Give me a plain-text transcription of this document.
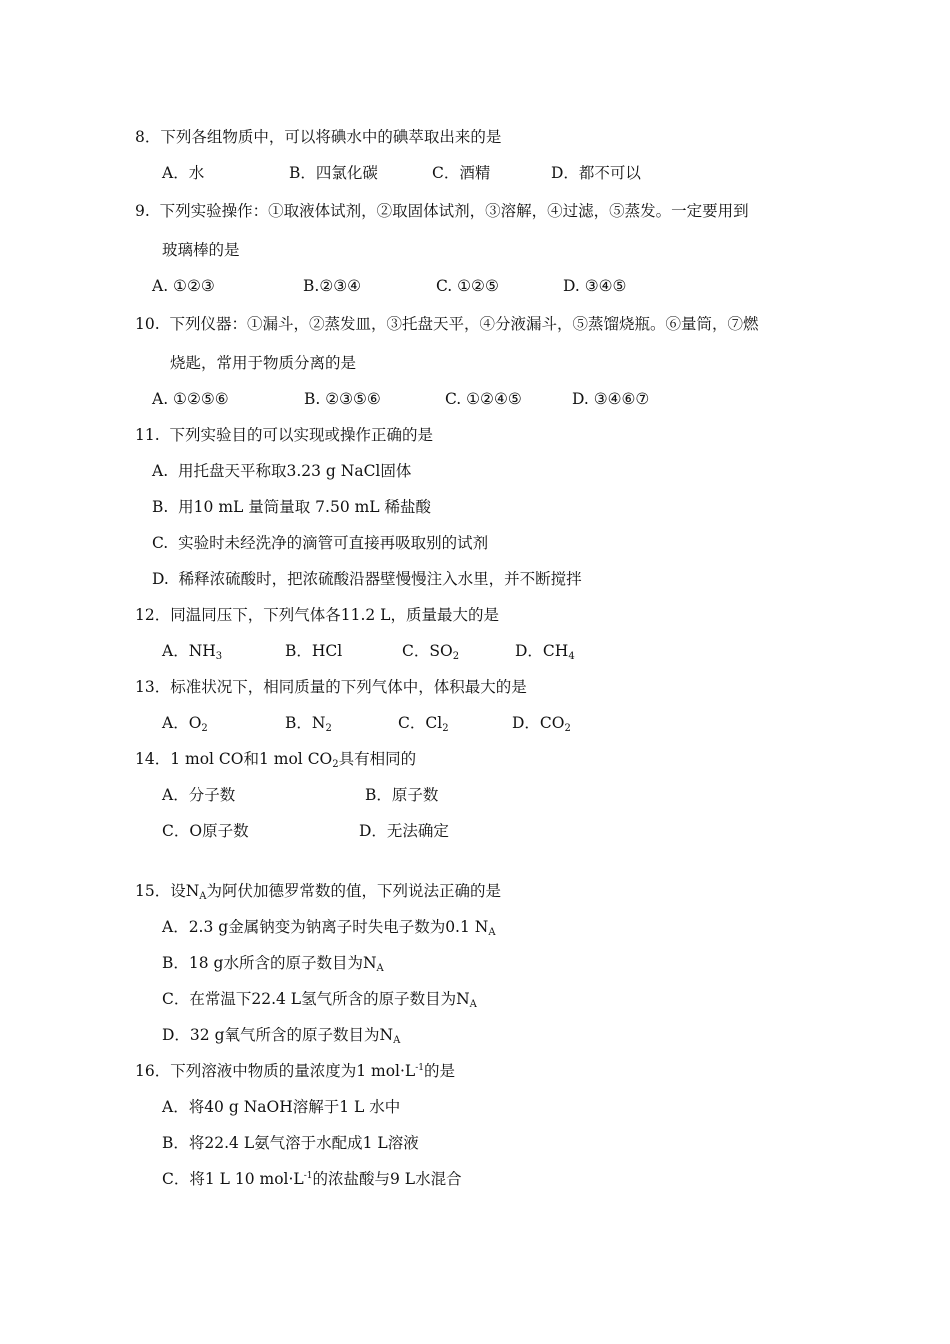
8．下列各组物质中，可以将碘水中的碘萃取出来的是
A．水	B．四氯化碳	C．酒精	D．都不可以
9.  下列实验操作：①取液体试剂，②取固体试剂，③溶解，④过滤，⑤蒸发。一定要用到
玻璃棒的是
A. ①②③	B.②③④	C. ①②⑤	D. ③④⑤
10.  下列仪器：①漏斗，②蒸发皿，③托盘天平，④分液漏斗，⑤蒸馏烧瓶。⑥量筒，⑦燃
烧匙，常用于物质分离的是
A. ①②⑤⑥	B. ②③⑤⑥	C. ①②④⑤	D. ③④⑥⑦
11.  下列实验目的可以实现或操作正确的是
A.  用托盘天平称取3.23 g NaCl固体
B.  用10 mL 量筒量取 7.50 mL 稀盐酸
C.  实验时未经洗净的滴管可直接再吸取别的试剂
D.  稀释浓硫酸时，把浓硫酸沿器壁慢慢注入水里，并不断搅拌
12．同温同压下，下列气体各11.2 L，质量最大的是
A．$NH_3$	B．HCl	C．$SO_2$	D．$CH_4$
13．标准状况下，相同质量的下列气体中，体积最大的是
A．$O_2$	B．$N_2$	C．$Cl_2$	D．$CO_2$
14．1 mol CO和1 mol $CO_2$具有相同的
A．分子数	B．原子数
C．O原子数	D．无法确定
15．设$N_A$为阿伏加德罗常数的值，下列说法正确的是
A．2.3 g金属钠变为钠离子时失电子数为0.1 $N_A$
B．18 g水所含的原子数目为$N_A$
C．在常温下22.4 L氢气所含的原子数目为$N_A$
D．32 g氧气所含的原子数目为$N_A$
16．下列溶液中物质的量浓度为1 $mol\cdot L^{-1}$的是
A．将40 g NaOH溶解于1 L 水中
B．将22.4 L氨气溶于水配成1 L溶液
C．将1 L 10 $mol\cdot L^{-1}$的浓盐酸与9 L水混合
